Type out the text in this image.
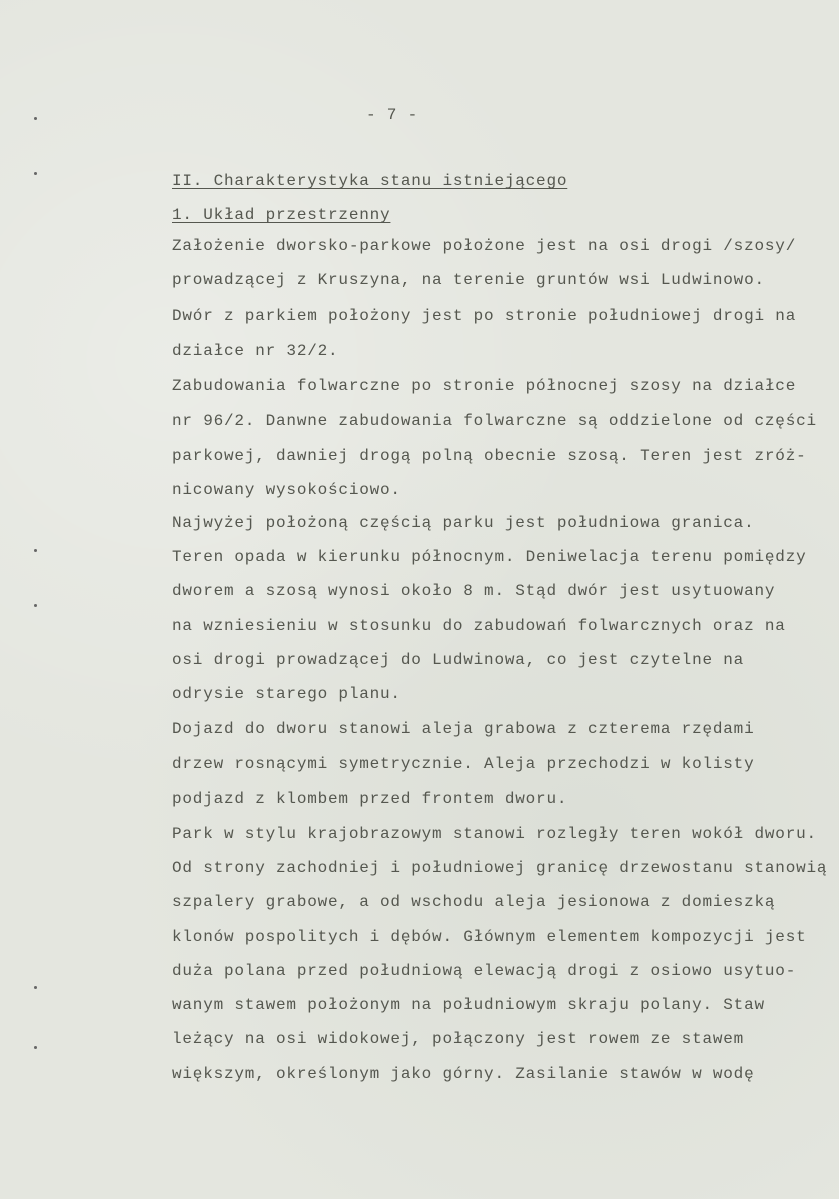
- 7 -
II. Charakterystyka stanu istniejącego
1. Układ przestrzenny
Założenie dworsko-parkowe położone jest na osi drogi /szosy/
prowadzącej z Kruszyna, na terenie gruntów wsi Ludwinowo.
Dwór z parkiem położony jest po stronie południowej drogi na
działce nr 32/2.
Zabudowania folwarczne po stronie północnej szosy na działce
nr 96/2. Danwne zabudowania folwarczne są oddzielone od części
parkowej, dawniej drogą polną obecnie szosą. Teren jest zróż-
nicowany wysokościowo.
Najwyżej położoną częścią parku jest południowa granica.
Teren opada w kierunku północnym. Deniwelacja terenu pomiędzy
dworem a szosą wynosi około 8 m. Stąd dwór jest usytuowany
na wzniesieniu w stosunku do zabudowań folwarcznych oraz na
osi drogi prowadzącej do Ludwinowa, co jest czytelne na
odrysie starego planu.
Dojazd do dworu stanowi aleja grabowa z czterema rzędami
drzew rosnącymi symetrycznie. Aleja przechodzi w kolisty
podjazd z klombem przed frontem dworu.
Park w stylu krajobrazowym stanowi rozległy teren wokół dworu.
Od strony zachodniej i południowej granicę drzewostanu stanowią
szpalery grabowe, a od wschodu aleja jesionowa z domieszką
klonów pospolitych i dębów. Głównym elementem kompozycji jest
duża polana przed południową elewacją drogi z osiowo usytuo-
wanym stawem położonym na południowym skraju polany. Staw
leżący na osi widokowej, połączony jest rowem ze stawem
większym, określonym jako górny. Zasilanie stawów w wodę
